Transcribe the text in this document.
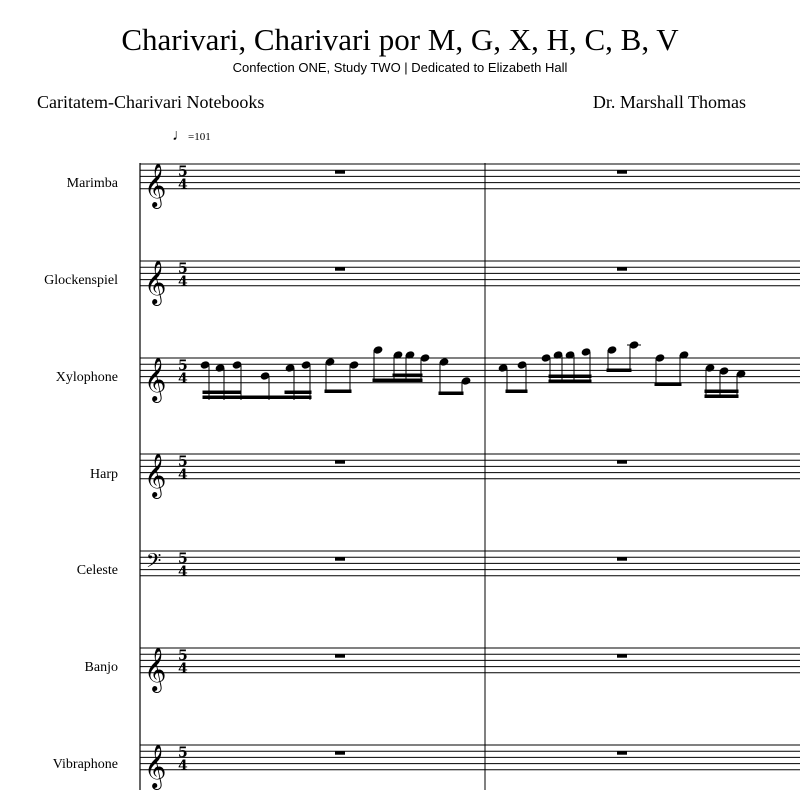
Charivari, Charivari por M, G, X, H, C, B, V
Confection ONE, Study TWO | Dedicated to Elizabeth Hall
Caritatem-Charivari Notebooks	Dr. Marshall Thomas
♩=101
Marimba
Glockenspiel
Xylophone
Harp
Celeste
Banjo
Vibraphone
𝄞 5
4
𝄞 5
4
𝄞 5
4
𝄞 5
4
𝄢 5
4
𝄞 5
4
𝄞 5
4
